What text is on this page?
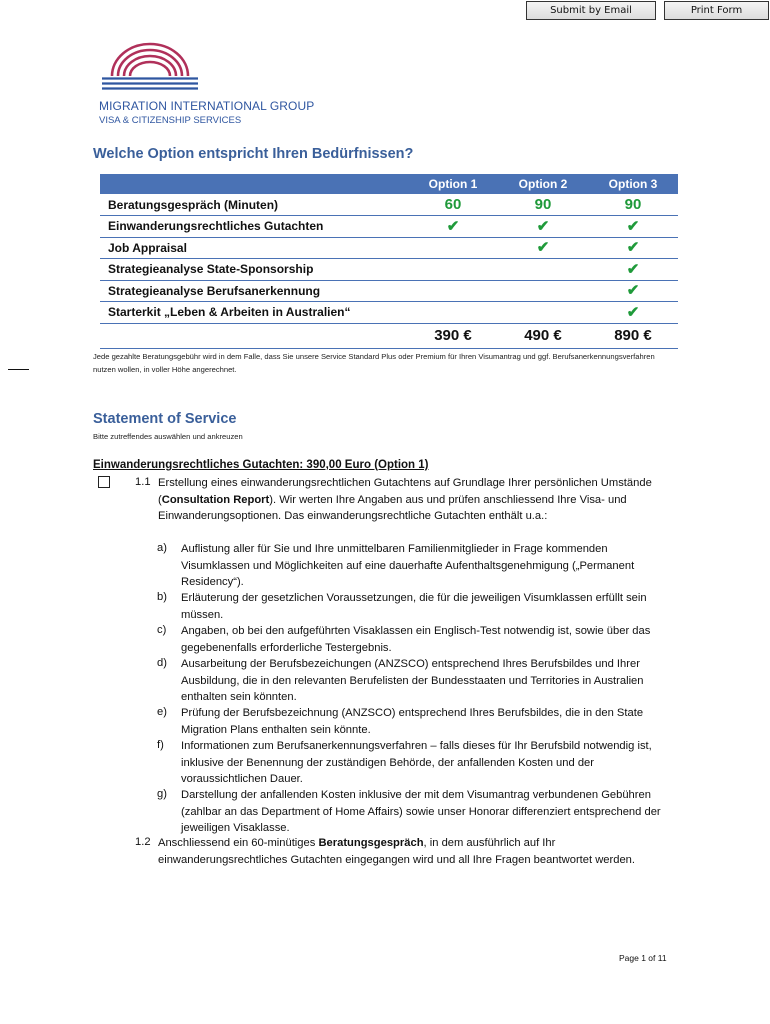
Submit by Email	Print Form
MIGRATION INTERNATIONAL GROUP
VISA & CITIZENSHIP SERVICES
Welche Option entspricht Ihren Bedürfnissen?
	Option 1	Option 2	Option 3
Beratungsgespräch (Minuten)	60	90	90
Einwanderungsrechtliches Gutachten	✔	✔	✔
Job Appraisal		✔	✔
Strategieanalyse State-Sponsorship			✔
Strategieanalyse Berufsanerkennung			✔
Starterkit „Leben & Arbeiten in Australien“			✔
	390 €	490 €	890 €
Jede gezahlte Beratungsgebühr wird in dem Falle, dass Sie unsere Service Standard Plus oder Premium für Ihren Visumantrag und ggf. Berufsanerkennungsverfahren nutzen wollen, in voller Höhe angerechnet.
Statement of Service
Bitte zutreffendes auswählen und ankreuzen
Einwanderungsrechtliches Gutachten: 390,00 Euro (Option 1)
1.1 Erstellung eines einwanderungsrechtlichen Gutachtens auf Grundlage Ihrer persönlichen Umstände (Consultation Report). Wir werten Ihre Angaben aus und prüfen anschliessend Ihre Visa- und Einwanderungsoptionen. Das einwanderungsrechtliche Gutachten enthält u.a.:
a) Auflistung aller für Sie und Ihre unmittelbaren Familienmitglieder in Frage kommenden Visumklassen und Möglichkeiten auf eine dauerhafte Aufenthaltsgenehmigung („Permanent Residency“).
b) Erläuterung der gesetzlichen Voraussetzungen, die für die jeweiligen Visumklassen erfüllt sein müssen.
c) Angaben, ob bei den aufgeführten Visaklassen ein Englisch-Test notwendig ist, sowie über das gegebenenfalls erforderliche Testergebnis.
d) Ausarbeitung der Berufsbezeichungen (ANZSCO) entsprechend Ihres Berufsbildes und Ihrer Ausbildung, die in den relevanten Berufelisten der Bundesstaaten und Territories in Australien enthalten sein könnten.
e) Prüfung der Berufsbezeichnung (ANZSCO) entsprechend Ihres Berufsbildes, die in den State Migration Plans enthalten sein könnte.
f) Informationen zum Berufsanerkennungsverfahren – falls dieses für Ihr Berufsbild notwendig ist, inklusive der Benennung der zuständigen Behörde, der anfallenden Kosten und der voraussichtlichen Dauer.
g) Darstellung der anfallenden Kosten inklusive der mit dem Visumantrag verbundenen Gebühren (zahlbar an das Department of Home Affairs) sowie unser Honorar differenziert entsprechend der jeweiligen Visaklasse.
1.2 Anschliessend ein 60-minütiges Beratungsgespräch, in dem ausführlich auf Ihr einwanderungsrechtliches Gutachten eingegangen wird und all Ihre Fragen beantwortet werden.
Page 1 of 11
